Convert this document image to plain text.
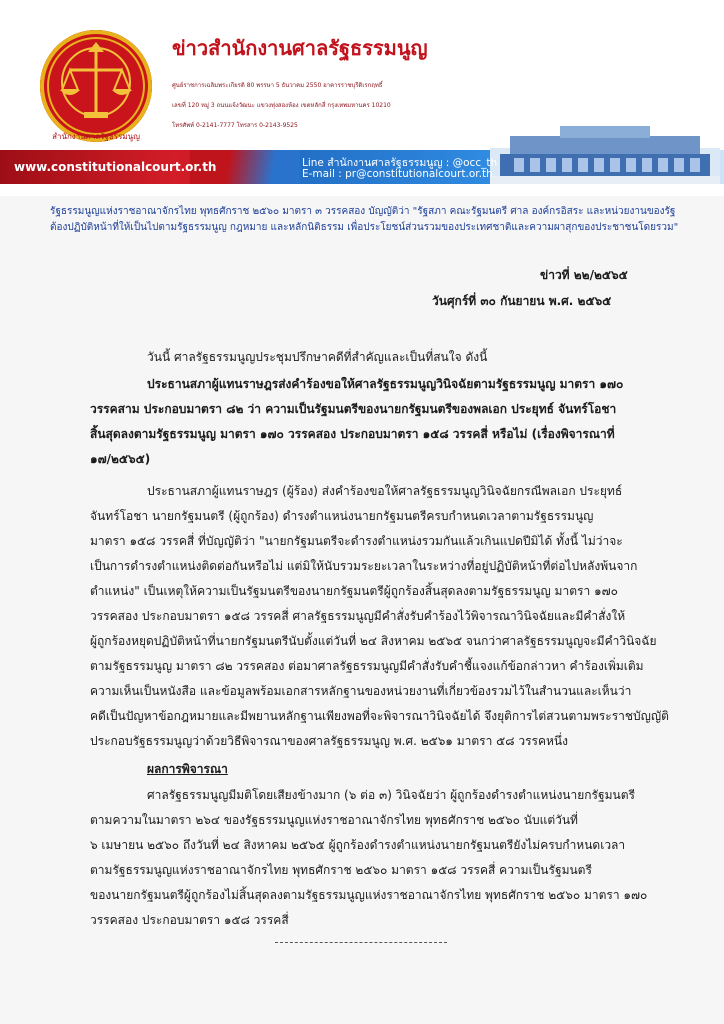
สำนักงานศาลรัฐธรรมนูญ
ข่าวสำนักงานศาลรัฐธรรมนูญ
ศูนย์ราชการเฉลิมพระเกียรติ 80 พรรษา 5 ธันวาคม 2550 อาคารราชบุรีดิเรกฤทธิ์
เลขที่ 120 หมู่ 3 ถนนแจ้งวัฒนะ แขวงทุ่งสองห้อง เขตหลักสี่ กรุงเทพมหานคร 10210
โทรศัพท์ 0-2141-7777 โทรสาร 0-2143-9525
www.constitutionalcourt.or.th	Line สำนักงานศาลรัฐธรรมนูญ : @occ_th
E-mail : pr@constitutionalcourt.or.th
รัฐธรรมนูญแห่งราชอาณาจักรไทย พุทธศักราช ๒๕๖๐ มาตรา ๓ วรรคสอง บัญญัติว่า "รัฐสภา คณะรัฐมนตรี ศาล องค์กรอิสระ และหน่วยงานของรัฐ
ต้องปฏิบัติหน้าที่ให้เป็นไปตามรัฐธรรมนูญ กฎหมาย และหลักนิติธรรม เพื่อประโยชน์ส่วนรวมของประเทศชาติและความผาสุกของประชาชนโดยรวม"
ข่าวที่ ๒๒/๒๕๖๕
วันศุกร์ที่ ๓๐ กันยายน พ.ศ. ๒๕๖๕
วันนี้ ศาลรัฐธรรมนูญประชุมปรึกษาคดีที่สำคัญและเป็นที่สนใจ ดังนี้
ประธานสภาผู้แทนราษฎรส่งคำร้องขอให้ศาลรัฐธรรมนูญวินิจฉัยตามรัฐธรรมนูญ มาตรา ๑๗๐
วรรคสาม ประกอบมาตรา ๘๒ ว่า ความเป็นรัฐมนตรีของนายกรัฐมนตรีของพลเอก ประยุทธ์ จันทร์โอชา
สิ้นสุดลงตามรัฐธรรมนูญ มาตรา ๑๗๐ วรรคสอง ประกอบมาตรา ๑๕๘ วรรคสี่ หรือไม่ (เรื่องพิจารณาที่
๑๗/๒๕๖๕)
ประธานสภาผู้แทนราษฎร (ผู้ร้อง) ส่งคำร้องขอให้ศาลรัฐธรรมนูญวินิจฉัยกรณีพลเอก ประยุทธ์
จันทร์โอชา นายกรัฐมนตรี (ผู้ถูกร้อง) ดำรงตำแหน่งนายกรัฐมนตรีครบกำหนดเวลาตามรัฐธรรมนูญ
มาตรา ๑๕๘ วรรคสี่ ที่บัญญัติว่า "นายกรัฐมนตรีจะดำรงตำแหน่งรวมกันแล้วเกินแปดปีมิได้ ทั้งนี้ ไม่ว่าจะ
เป็นการดำรงตำแหน่งติดต่อกันหรือไม่ แต่มิให้นับรวมระยะเวลาในระหว่างที่อยู่ปฏิบัติหน้าที่ต่อไปหลังพ้นจาก
ตำแหน่ง" เป็นเหตุให้ความเป็นรัฐมนตรีของนายกรัฐมนตรีผู้ถูกร้องสิ้นสุดลงตามรัฐธรรมนูญ มาตรา ๑๗๐
วรรคสอง ประกอบมาตรา ๑๕๘ วรรคสี่ ศาลรัฐธรรมนูญมีคำสั่งรับคำร้องไว้พิจารณาวินิจฉัยและมีคำสั่งให้
ผู้ถูกร้องหยุดปฏิบัติหน้าที่นายกรัฐมนตรีนับตั้งแต่วันที่ ๒๔ สิงหาคม ๒๕๖๕ จนกว่าศาลรัฐธรรมนูญจะมีคำวินิจฉัย
ตามรัฐธรรมนูญ มาตรา ๘๒ วรรคสอง ต่อมาศาลรัฐธรรมนูญมีคำสั่งรับคำชี้แจงแก้ข้อกล่าวหา คำร้องเพิ่มเติม
ความเห็นเป็นหนังสือ และข้อมูลพร้อมเอกสารหลักฐานของหน่วยงานที่เกี่ยวข้องรวมไว้ในสำนวนและเห็นว่า
คดีเป็นปัญหาข้อกฎหมายและมีพยานหลักฐานเพียงพอที่จะพิจารณาวินิจฉัยได้ จึงยุติการไต่สวนตามพระราชบัญญัติ
ประกอบรัฐธรรมนูญว่าด้วยวิธีพิจารณาของศาลรัฐธรรมนูญ พ.ศ. ๒๕๖๑ มาตรา ๕๘ วรรคหนึ่ง
ผลการพิจารณา
ศาลรัฐธรรมนูญมีมติโดยเสียงข้างมาก (๖ ต่อ ๓) วินิจฉัยว่า ผู้ถูกร้องดำรงตำแหน่งนายกรัฐมนตรี
ตามความในมาตรา ๒๖๔ ของรัฐธรรมนูญแห่งราชอาณาจักรไทย พุทธศักราช ๒๕๖๐ นับแต่วันที่
๖ เมษายน ๒๕๖๐ ถึงวันที่ ๒๔ สิงหาคม ๒๕๖๕ ผู้ถูกร้องดำรงตำแหน่งนายกรัฐมนตรียังไม่ครบกำหนดเวลา
ตามรัฐธรรมนูญแห่งราชอาณาจักรไทย พุทธศักราช ๒๕๖๐ มาตรา ๑๕๘ วรรคสี่ ความเป็นรัฐมนตรี
ของนายกรัฐมนตรีผู้ถูกร้องไม่สิ้นสุดลงตามรัฐธรรมนูญแห่งราชอาณาจักรไทย พุทธศักราช ๒๕๖๐ มาตรา ๑๗๐
วรรคสอง ประกอบมาตรา ๑๕๘ วรรคสี่
